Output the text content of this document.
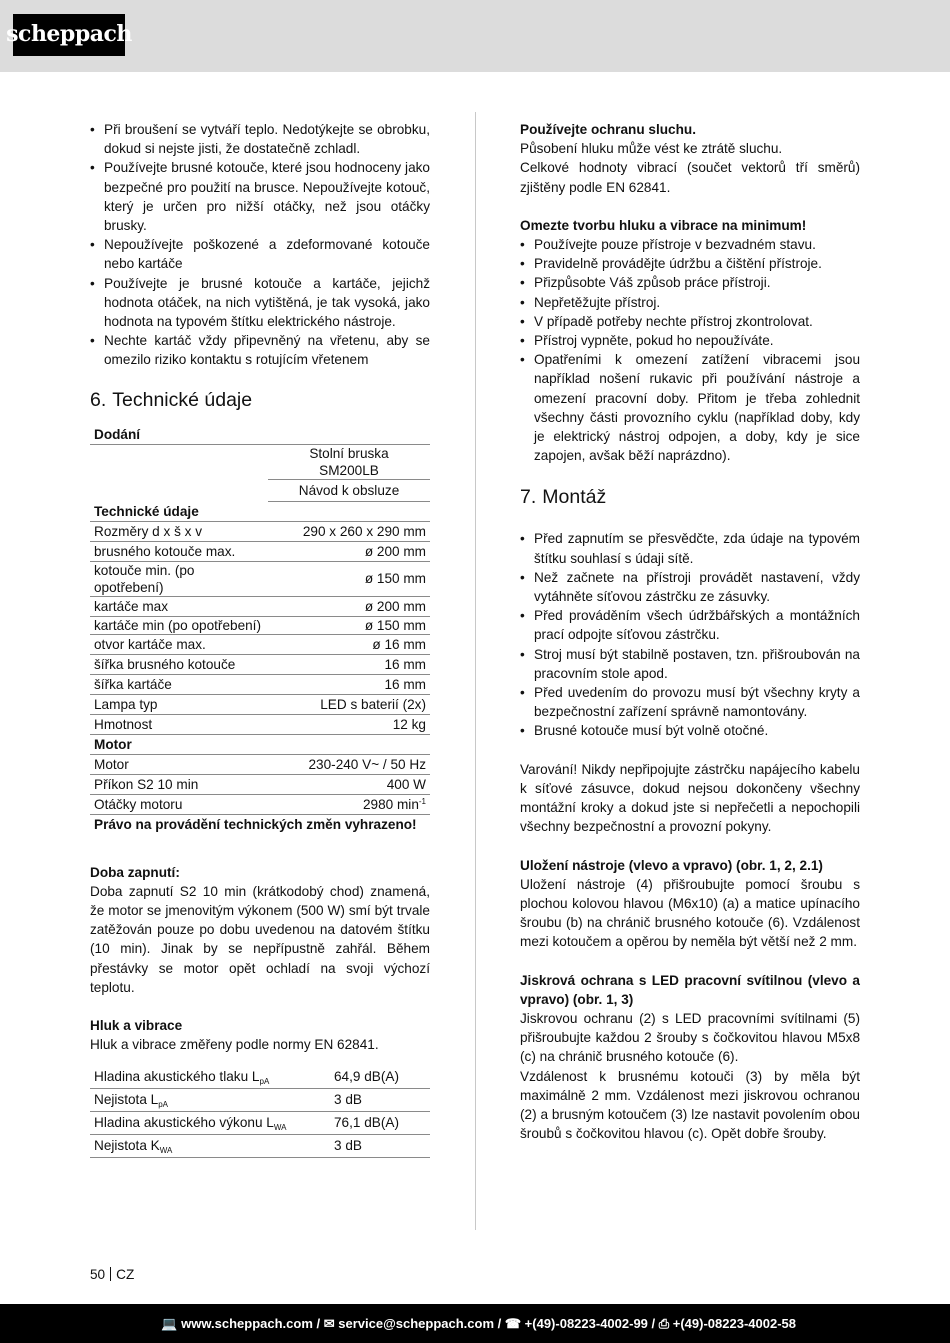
scheppach
• Při broušení se vytváří teplo. Nedotýkejte se obrobku, dokud si nejste jisti, že dostatečně zchladl.
• Používejte brusné kotouče, které jsou hodnoceny jako bezpečné pro použití na brusce. Nepoužívejte kotouč, který je určen pro nižší otáčky, než jsou otáčky brusky.
• Nepoužívejte poškozené a zdeformované kotouče nebo kartáče
• Používejte je brusné kotouče a kartáče, jejichž hodnota otáček, na nich vytištěná, je tak vysoká, jako hodnota na typovém štítku elektrického nástroje.
• Nechte kartáč vždy připevněný na vřetenu, aby se omezilo riziko kontaktu s rotujícím vřetenem
6. Technické údaje
Dodání	
	Stolní bruska
SM200LB
	Návod k obsluze
Technické údaje	
Rozměry d x š x v	290 x 260 x 290 mm
brusného kotouče max.	ø 200 mm
kotouče min. (po opotřebení)	ø 150 mm
kartáče max	ø 200 mm
kartáče min (po opotřebení)	ø 150 mm
otvor kartáče max.	ø 16 mm
šířka brusného kotouče	16 mm
šířka kartáče	16 mm
Lampa typ	LED s baterií (2x)
Hmotnost	12 kg
Motor	
Motor	230-240 V~ / 50 Hz
Příkon S2 10 min	400 W
Otáčky motoru	2980 $\min^{-1}$
Právo na provádění technických změn vyhrazeno!	

Doba zapnutí:

Doba zapnutí S2 10 min (krátkodobý chod) znamená, že motor se jmenovitým výkonem (500 W) smí být trvale zatěžován pouze po dobu uvedenou na datovém štítku (10 min). Jinak by se nepřípustně zahřál. Během přestávky se motor opět ochladí na svoji výchozí teplotu.

Hluk a vibrace

Hluk a vibrace změřeny podle normy EN 62841.

Hladina akustického tlaku $L_{pA}$	64,9 dB(A)
Nejistota $L_{pA}$	3 dB
Hladina akustického výkonu $L_{WA}$	76,1 dB(A)
Nejistota $K_{WA}$	3 dB

Používejte ochranu sluchu.

Působení hluku může vést ke ztrátě sluchu.

Celkové hodnoty vibrací (součet vektorů tří směrů) zjištěny podle EN 62841.

Omezte tvorbu hluku a vibrace na minimum!

• Používejte pouze přístroje v bezvadném stavu.
• Pravidelně provádějte údržbu a čištění přístroje.
• Přizpůsobte Váš způsob práce přístroji.
• Nepřetěžujte přístroj.
• V případě potřeby nechte přístroj zkontrolovat.
• Přístroj vypněte, pokud ho nepoužíváte.
• Opatřeními k omezení zatížení vibracemi jsou například nošení rukavic při používání nástroje a omezení pracovní doby. Přitom je třeba zohlednit všechny části provozního cyklu (například doby, kdy je elektrický nástroj odpojen, a doby, kdy je sice zapojen, avšak běží naprázdno).
7. Montáž
• Před zapnutím se přesvědčte, zda údaje na typovém štítku souhlasí s údaji sítě.
• Než začnete na přístroji provádět nastavení, vždy vytáhněte síťovou zástrčku ze zásuvky.
• Před prováděním všech údržbářských a montážních prací odpojte síťovou zástrčku.
• Stroj musí být stabilně postaven, tzn. přišroubován na pracovním stole apod.
• Před uvedením do provozu musí být všechny kryty a bezpečnostní zařízení správně namontovány.
• Brusné kotouče musí být volně otočné.

Varování! Nikdy nepřipojujte zástrčku napájecího kabelu k síťové zásuvce, dokud nejsou dokončeny všechny montážní kroky a dokud jste si nepřečetli a nepochopili všechny bezpečnostní a provozní pokyny.

Uložení nástroje (vlevo a vpravo) (obr. 1, 2, 2.1)

Uložení nástroje (4) přišroubujte pomocí šroubu s plochou kolovou hlavou (M6x10) (a) a matice upínacího šroubu (b) na chránič brusného kotouče (6). Vzdálenost mezi kotoučem a opěrou by neměla být větší než 2 mm.

Jiskrová ochrana s LED pracovní svítilnou (vlevo a vpravo) (obr. 1, 3)

Jiskrovou ochranu (2) s LED pracovními svítilnami (5) přišroubujte každou 2 šrouby s čočkovitou hlavou M5x8 (c) na chránič brusného kotouče (6).

Vzdálenost k brusnému kotouči (3) by měla být maximálně 2 mm. Vzdálenost mezi jiskrovou ochranou (2) a brusným kotoučem (3) lze nastavit povolením obou šroubů s čočkovitou hlavou (c). Opět dobře šrouby.

50 CZ
💻 www.scheppach.com / ✉ service@scheppach.com / ☎ +(49)-08223-4002-99 / ⎙ +(49)-08223-4002-58
